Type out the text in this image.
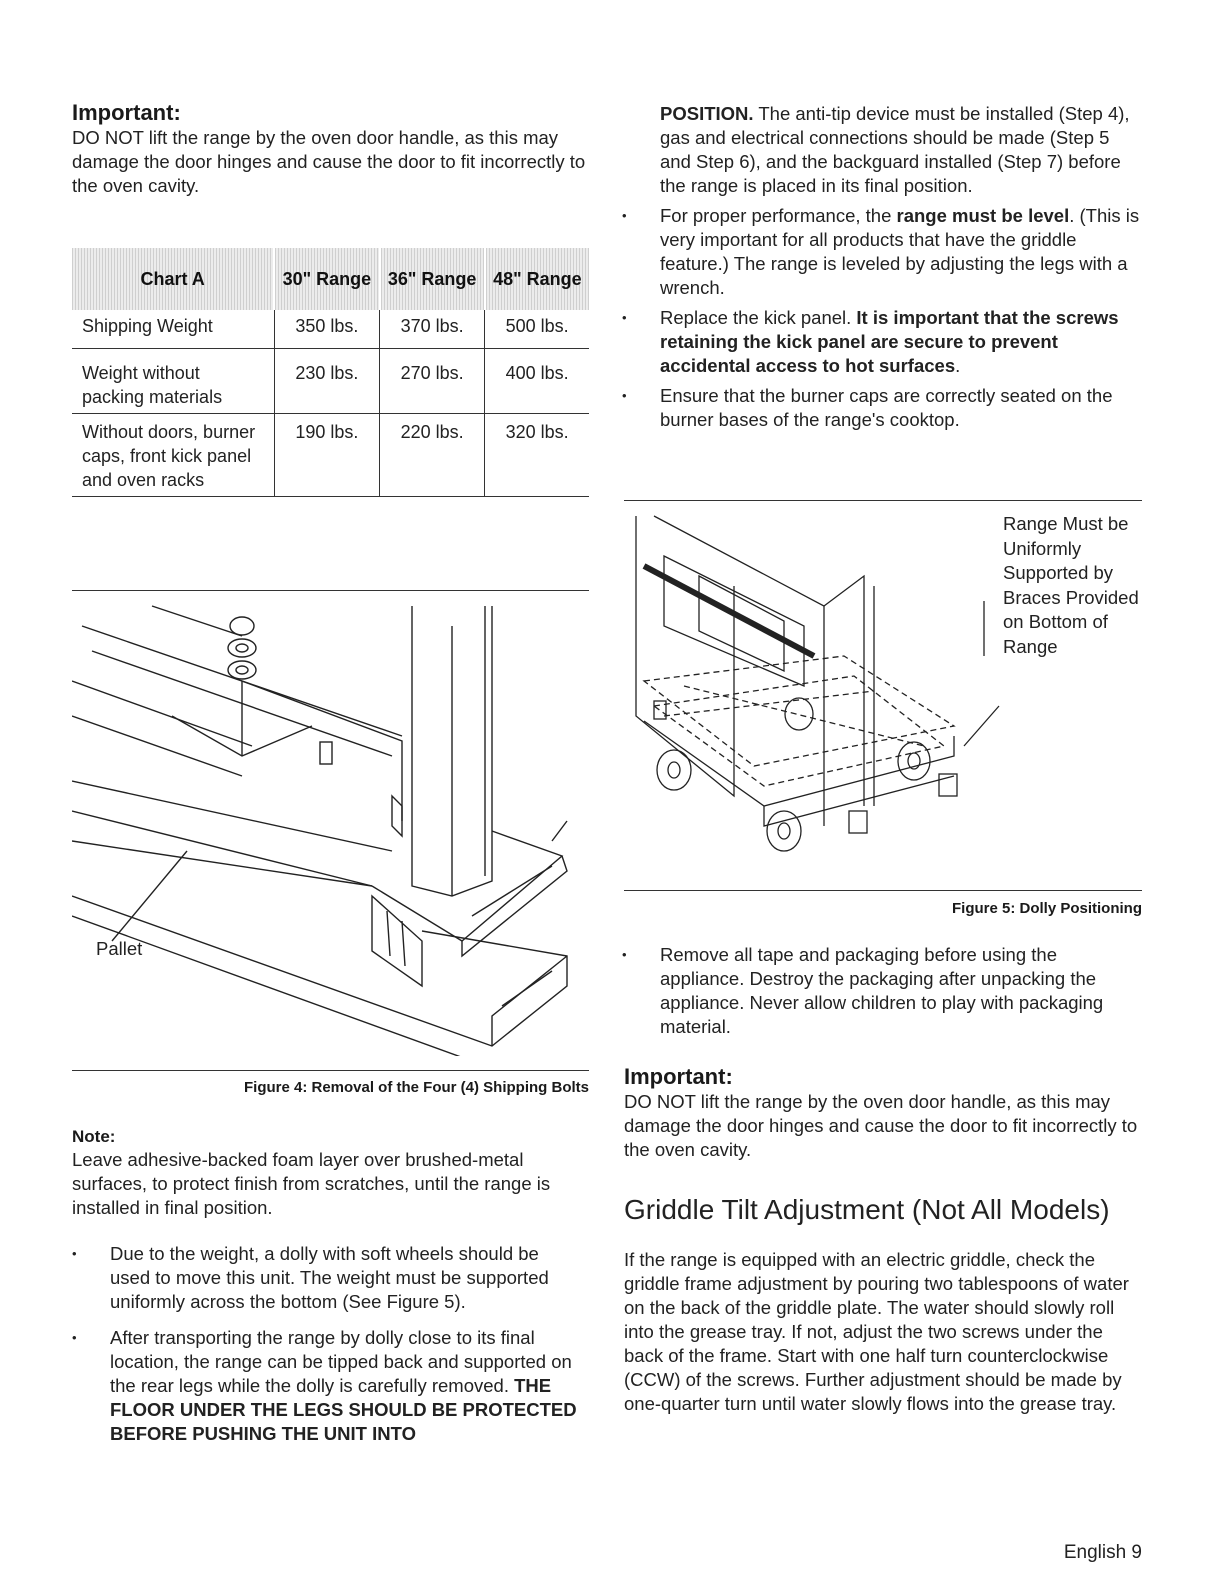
Important:

DO NOT lift the range by the oven door handle, as this may damage the door hinges and cause the door to fit incorrectly to the oven cavity.

Chart A	30" Range	36" Range	48" Range
Shipping Weight	350 lbs.	370 lbs.	500 lbs.
Weight without packing materials	230 lbs.	270 lbs.	400 lbs.
Without doors, burner caps, front kick panel and oven racks	190 lbs.	220 lbs.	320 lbs.
Pallet
Figure 4: Removal of the Four (4) Shipping Bolts
Note:

Leave adhesive-backed foam layer over brushed-metal surfaces, to protect finish from scratches, until the range is installed in final position.

• Due to the weight, a dolly with soft wheels should be used to move this unit. The weight must be supported uniformly across the bottom (See Figure 5).
• After transporting the range by dolly close to its final location, the range can be tipped back and supported on the rear legs while the dolly is carefully removed. THE FLOOR UNDER THE LEGS SHOULD BE PROTECTED BEFORE PUSHING THE UNIT INTO

POSITION. The anti-tip device must be installed (Step 4), gas and electrical connections should be made (Step 5 and Step 6), and the backguard installed (Step 7) before the range is placed in its final position.

• For proper performance, the range must be level. (This is very important for all products that have the griddle feature.) The range is leveled by adjusting the legs with a wrench.
• Replace the kick panel. It is important that the screws retaining the kick panel are secure to prevent accidental access to hot surfaces.
• Ensure that the burner caps are correctly seated on the burner bases of the range's cooktop.
Range Must be Uniformly Supported by Braces Provided on Bottom of Range
Figure 5: Dolly Positioning
• Remove all tape and packaging before using the appliance. Destroy the packaging after unpacking the appliance. Never allow children to play with packaging material.
Important:

DO NOT lift the range by the oven door handle, as this may damage the door hinges and cause the door to fit incorrectly to the oven cavity.

Griddle Tilt Adjustment (Not All Models)

If the range is equipped with an electric griddle, check the griddle frame adjustment by pouring two tablespoons of water on the back of the griddle plate. The water should slowly roll into the grease tray. If not, adjust the two screws under the back of the frame. Start with one half turn counterclockwise (CCW) of the screws. Further adjustment should be made by one-quarter turn until water slowly flows into the grease tray.

English 9
